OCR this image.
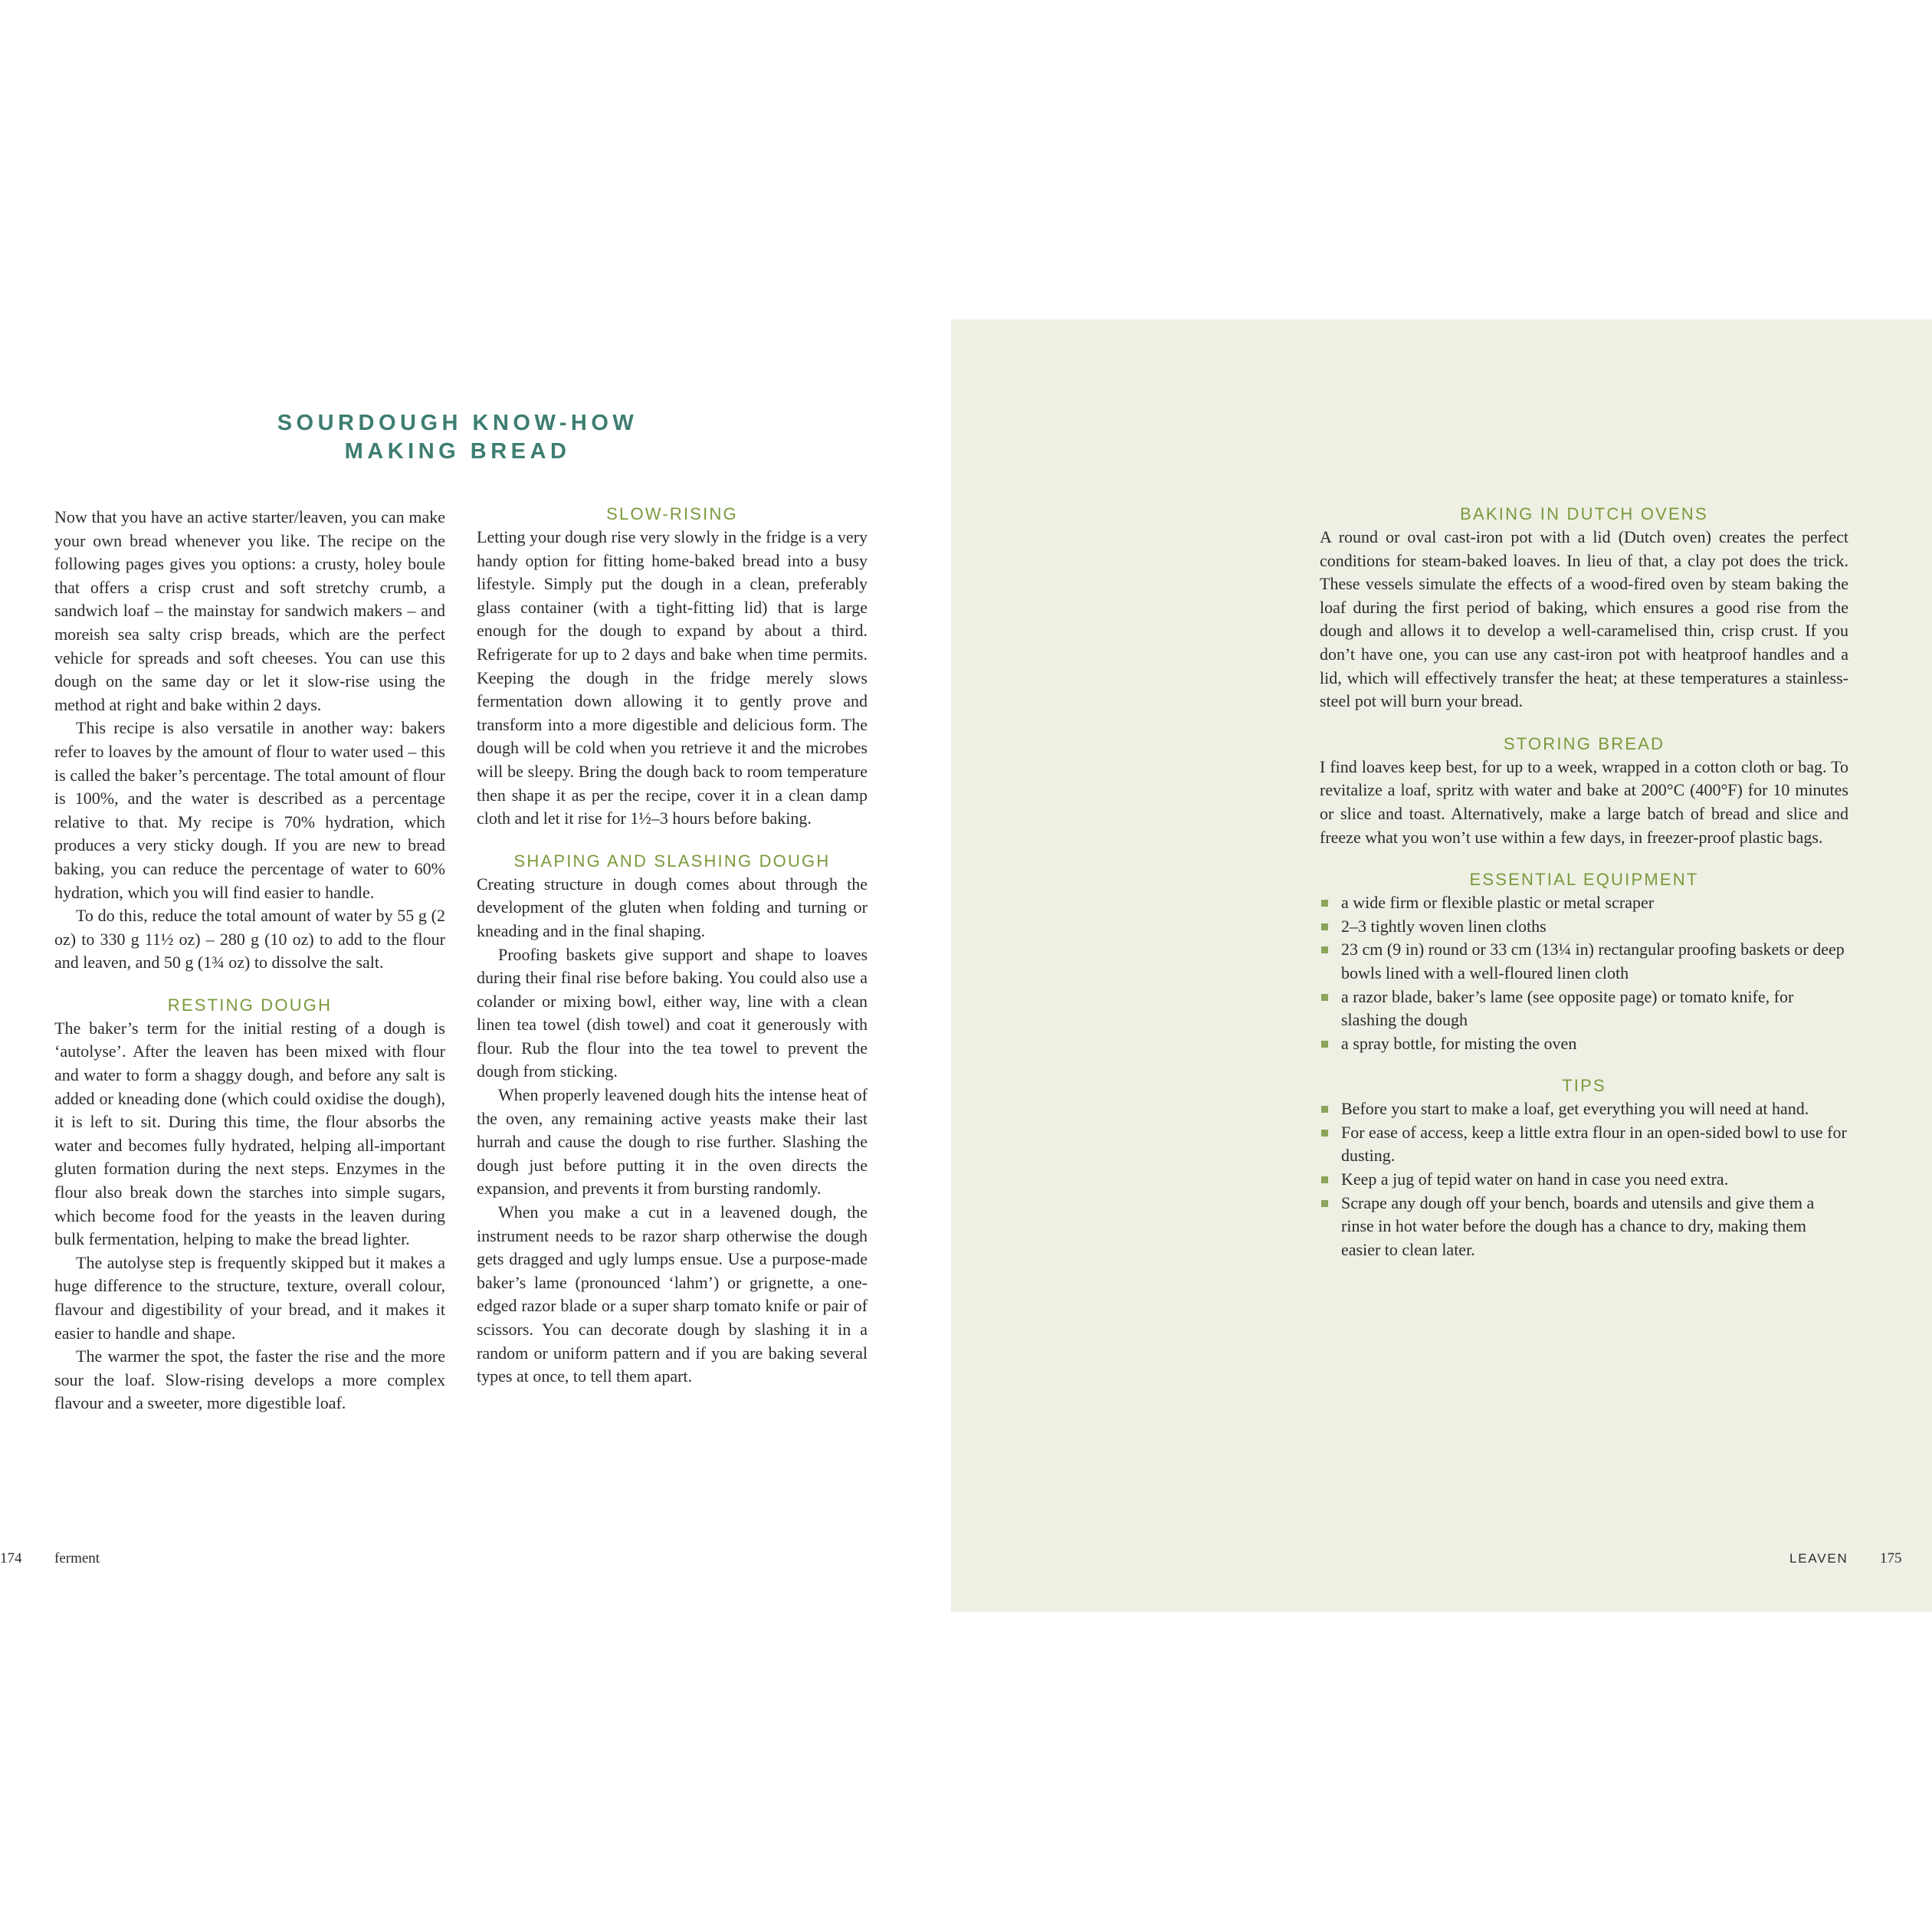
SOURDOUGH KNOW-HOW
MAKING BREAD

Now that you have an active starter/leaven, you can make your own bread whenever you like. The recipe on the following pages gives you options: a crusty, holey boule that offers a crisp crust and soft stretchy crumb, a sandwich loaf – the mainstay for sandwich makers – and moreish sea salty crisp breads, which are the perfect vehicle for spreads and soft cheeses. You can use this dough on the same day or let it slow-rise using the method at right and bake within 2 days.

This recipe is also versatile in another way: bakers refer to loaves by the amount of flour to water used – this is called the baker’s percentage. The total amount of flour is 100%, and the water is described as a percentage relative to that. My recipe is 70% hydration, which produces a very sticky dough. If you are new to bread baking, you can reduce the percentage of water to 60% hydration, which you will find easier to handle.

To do this, reduce the total amount of water by 55 g (2 oz) to 330 g 11½ oz) – 280 g (10 oz) to add to the flour and leaven, and 50 g (1¾ oz) to dissolve the salt.

RESTING DOUGH

The baker’s term for the initial resting of a dough is ‘autolyse’. After the leaven has been mixed with flour and water to form a shaggy dough, and before any salt is added or kneading done (which could oxidise the dough), it is left to sit. During this time, the flour absorbs the water and becomes fully hydrated, helping all-important gluten formation during the next steps. Enzymes in the flour also break down the starches into simple sugars, which become food for the yeasts in the leaven during bulk fermentation, helping to make the bread lighter.

The autolyse step is frequently skipped but it makes a huge difference to the structure, texture, overall colour, flavour and digestibility of your bread, and it makes it easier to handle and shape.

The warmer the spot, the faster the rise and the more sour the loaf. Slow-rising develops a more complex flavour and a sweeter, more digestible loaf.

SLOW-RISING

Letting your dough rise very slowly in the fridge is a very handy option for fitting home-baked bread into a busy lifestyle. Simply put the dough in a clean, preferably glass container (with a tight-fitting lid) that is large enough for the dough to expand by about a third. Refrigerate for up to 2 days and bake when time permits. Keeping the dough in the fridge merely slows fermentation down allowing it to gently prove and transform into a more digestible and delicious form. The dough will be cold when you retrieve it and the microbes will be sleepy. Bring the dough back to room temperature then shape it as per the recipe, cover it in a clean damp cloth and let it rise for 1½–3 hours before baking.

SHAPING AND SLASHING DOUGH

Creating structure in dough comes about through the development of the gluten when folding and turning or kneading and in the final shaping.

Proofing baskets give support and shape to loaves during their final rise before baking. You could also use a colander or mixing bowl, either way, line with a clean linen tea towel (dish towel) and coat it generously with flour. Rub the flour into the tea towel to prevent the dough from sticking.

When properly leavened dough hits the intense heat of the oven, any remaining active yeasts make their last hurrah and cause the dough to rise further. Slashing the dough just before putting it in the oven directs the expansion, and prevents it from bursting randomly.

When you make a cut in a leavened dough, the instrument needs to be razor sharp otherwise the dough gets dragged and ugly lumps ensue. Use a purpose-made baker’s lame (pronounced ‘lahm’) or grignette, a one-edged razor blade or a super sharp tomato knife or pair of scissors. You can decorate dough by slashing it in a random or uniform pattern and if you are baking several types at once, to tell them apart.

BAKING IN DUTCH OVENS

A round or oval cast-iron pot with a lid (Dutch oven) creates the perfect conditions for steam-baked loaves. In lieu of that, a clay pot does the trick. These vessels simulate the effects of a wood-fired oven by steam baking the loaf during the first period of baking, which ensures a good rise from the dough and allows it to develop a well-caramelised thin, crisp crust. If you don’t have one, you can use any cast-iron pot with heatproof handles and a lid, which will effectively transfer the heat; at these temperatures a stainless-steel pot will burn your bread.

STORING BREAD

I find loaves keep best, for up to a week, wrapped in a cotton cloth or bag. To revitalize a loaf, spritz with water and bake at 200°C (400°F) for 10 minutes or slice and toast. Alternatively, make a large batch of bread and slice and freeze what you won’t use within a few days, in freezer-proof plastic bags.

ESSENTIAL EQUIPMENT
a wide firm or flexible plastic or metal scraper
2–3 tightly woven linen cloths
23 cm (9 in) round or 33 cm (13¼ in) rectangular proofing baskets or deep bowls lined with a well-floured linen cloth
a razor blade, baker’s lame (see opposite page) or tomato knife, for slashing the dough
a spray bottle, for misting the oven
TIPS
Before you start to make a loaf, get everything you will need at hand.
For ease of access, keep a little extra flour in an open-sided bowl to use for dusting.
Keep a jug of tepid water on hand in case you need extra.
Scrape any dough off your bench, boards and utensils and give them a rinse in hot water before the dough has a chance to dry, making them easier to clean later.
174 ferment	LEAVEN 175
